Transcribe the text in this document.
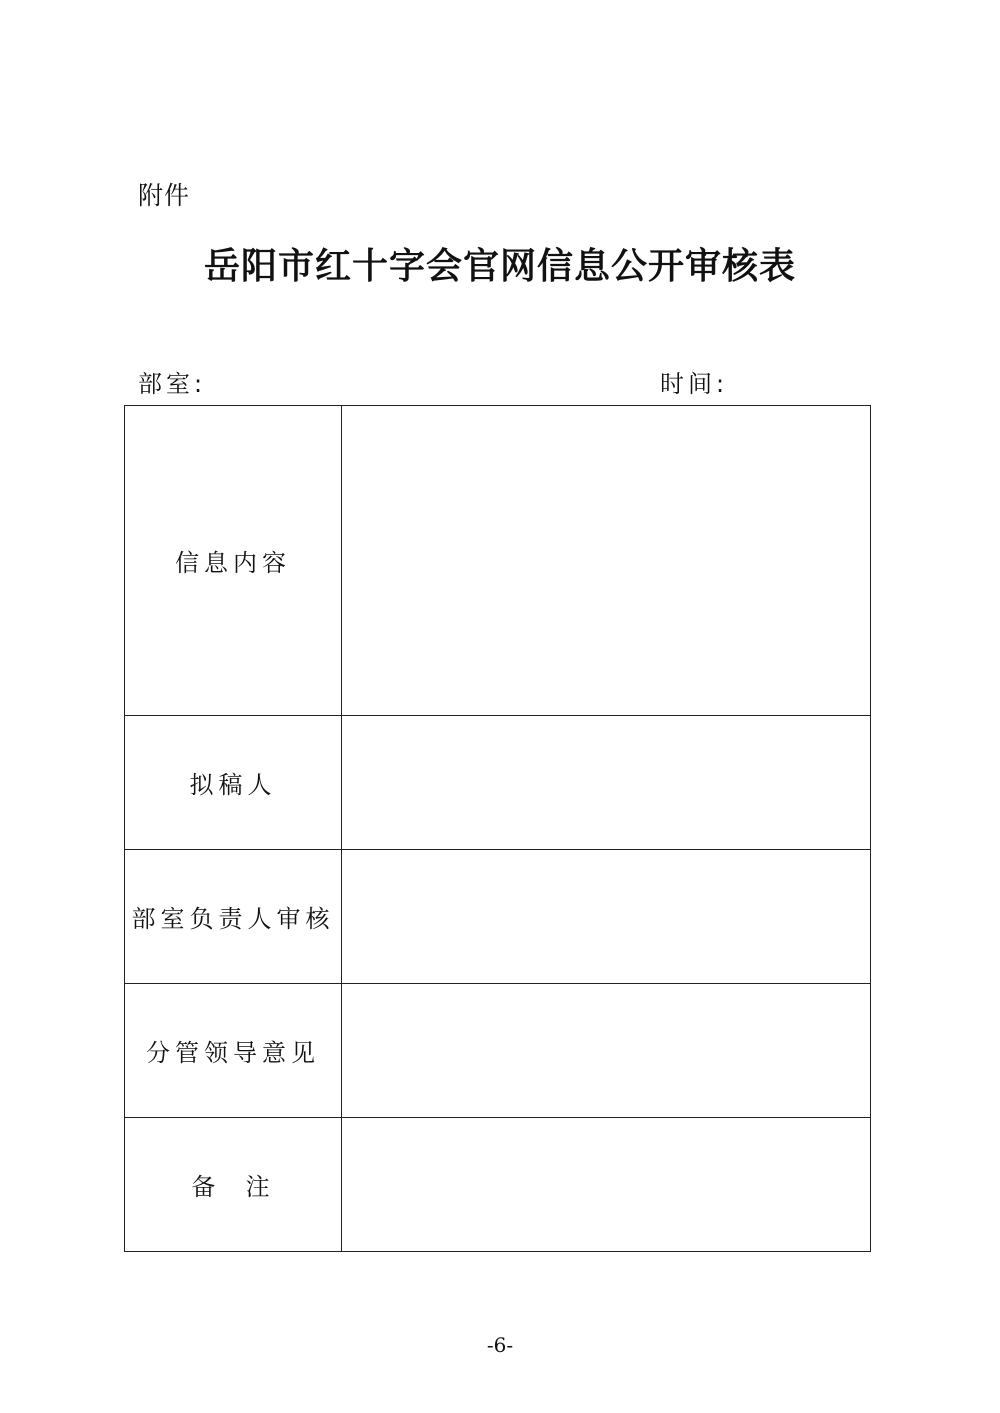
附件
岳阳市红十字会官网信息公开审核表
部室:	时间:
信息内容	
拟稿人	
部室负责人审核	
分管领导意见	
备  注	
-6-
